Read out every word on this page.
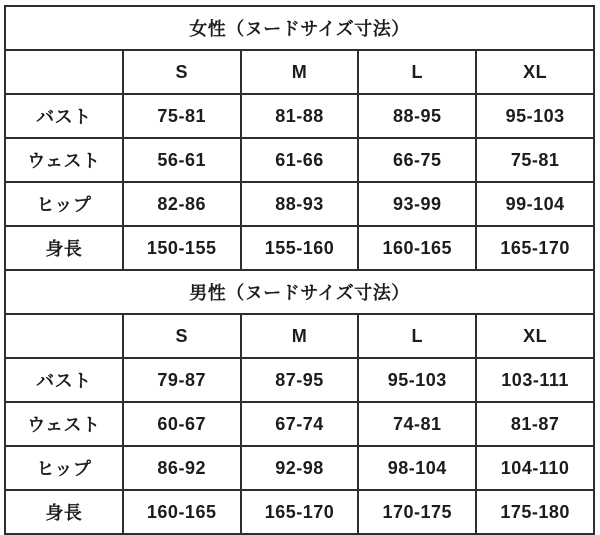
女性（ヌードサイズ寸法）				
	S	M	L	XL
バスト	75-81	81-88	88-95	95-103
ウェスト	56-61	61-66	66-75	75-81
ヒップ	82-86	88-93	93-99	99-104
身長	150-155	155-160	160-165	165-170
男性（ヌードサイズ寸法）				
	S	M	L	XL
バスト	79-87	87-95	95-103	103-111
ウェスト	60-67	67-74	74-81	81-87
ヒップ	86-92	92-98	98-104	104-110
身長	160-165	165-170	170-175	175-180
